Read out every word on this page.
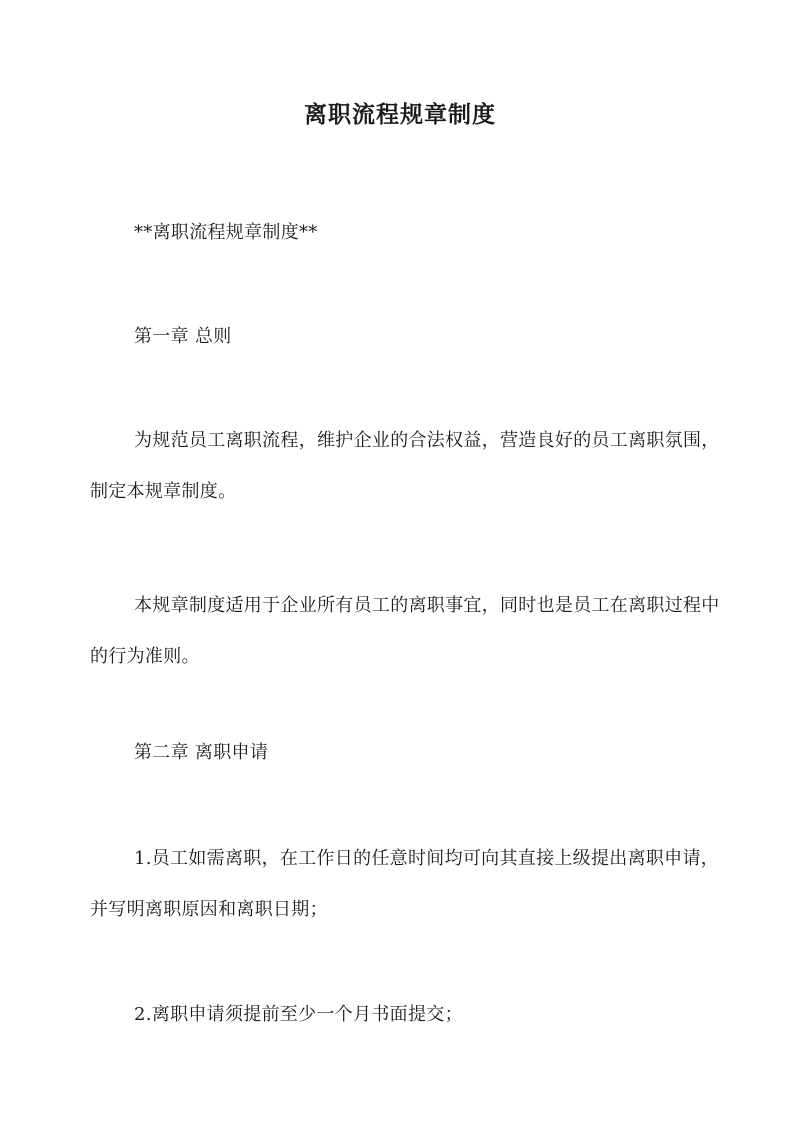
离职流程规章制度
**离职流程规章制度**
第一章 总则
为规范员工离职流程，维护企业的合法权益，营造良好的员工离职氛围，制定本规章制度。
本规章制度适用于企业所有员工的离职事宜，同时也是员工在离职过程中的行为准则。
第二章 离职申请
1.员工如需离职，在工作日的任意时间均可向其直接上级提出离职申请，并写明离职原因和离职日期；
2.离职申请须提前至少一个月书面提交；
